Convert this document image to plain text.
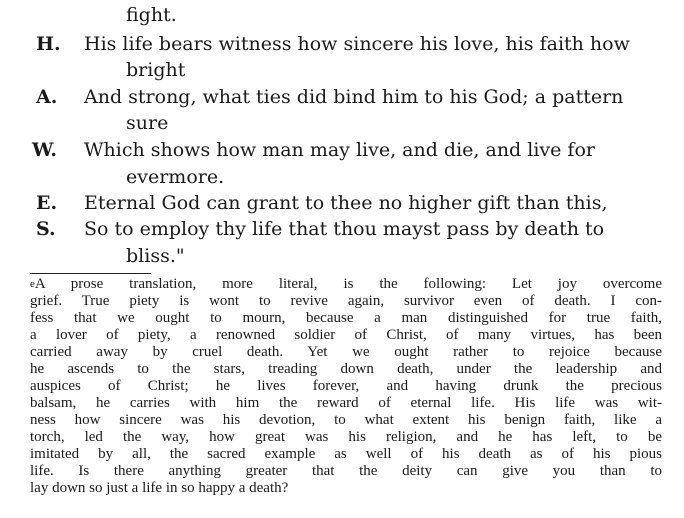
fight.
H. His life bears witness how sincere his love, his faith how
bright
A. And strong, what ties did bind him to his God; a pattern
sure
W. Which shows how man may live, and die, and live for
evermore.
E. Eternal God can grant to thee no higher gift than this,
S. So to employ thy life that thou mayst pass by death to
bliss."
eA prose translation, more literal, is the following: Let joy overcome
grief. True piety is wont to revive again, survivor even of death. I con-
fess that we ought to mourn, because a man distinguished for true faith,
a lover of piety, a renowned soldier of Christ, of many virtues, has been
carried away by cruel death. Yet we ought rather to rejoice because
he ascends to the stars, treading down death, under the leadership and
auspices of Christ; he lives forever, and having drunk the precious
balsam, he carries with him the reward of eternal life. His life was wit-
ness how sincere was his devotion, to what extent his benign faith, like a
torch, led the way, how great was his religion, and he has left, to be
imitated by all, the sacred example as well of his death as of his pious
life. Is there anything greater that the deity can give you than to
lay down so just a life in so happy a death?
